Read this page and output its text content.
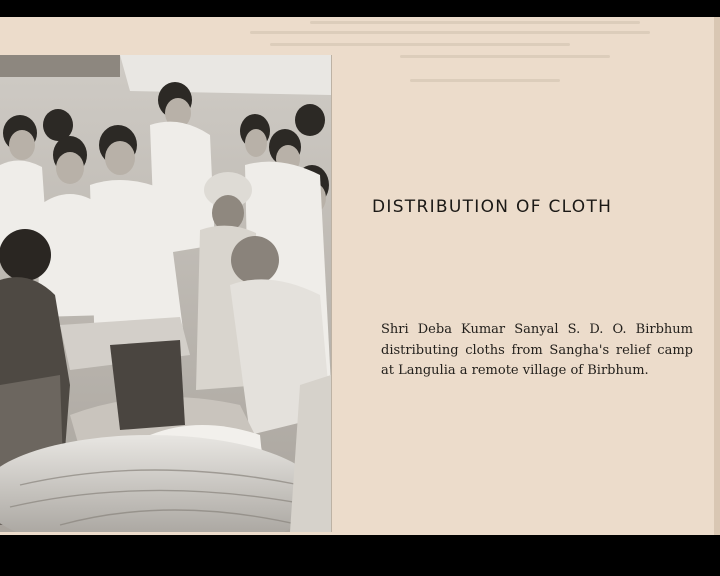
DISTRIBUTION OF CLOTH

Shri Deba Kumar Sanyal S. D. O. Birbhum distributing cloths from Sangha's relief camp at Langulia a remote village of Birbhum.
